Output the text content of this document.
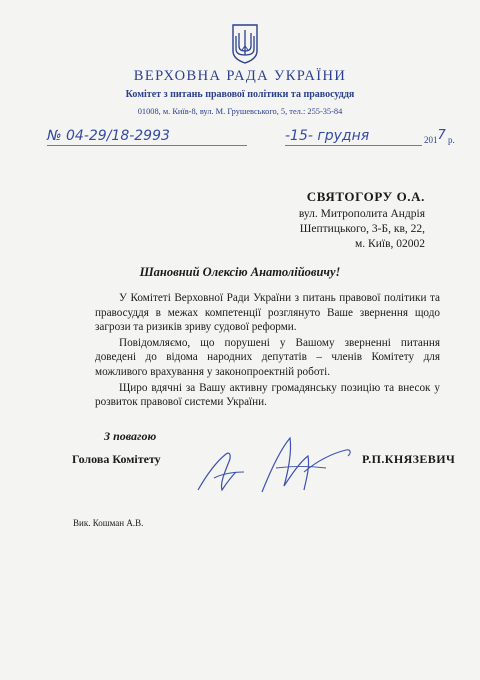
ВЕРХОВНА РАДА УКРАЇНИ
Комітет з питань правової політики та правосуддя
01008, м. Київ-8, вул. М. Грушевського, 5, тел.: 255-35-84
№ 04-29/18-2993	-15- грудня	2017 р.
СВЯТОГОРУ О.А.
вул. Митрополита Андрія
Шептицького, 3-Б, кв, 22,
м. Київ, 02002
Шановний Олексію Анатолійовичу!

У Комітеті Верховної Ради України з питань правової політики та правосуддя в межах компетенції розглянуто Ваше звернення щодо загрози та ризиків зриву судової реформи.

Повідомляємо, що порушені у Вашому зверненні питання доведені до відома народних депутатів – членів Комітету для можливого врахування у законопроектній роботі.

Щиро вдячні за Вашу активну громадянську позицію та внесок у розвиток правової системи України.

З повагою
Голова Комітету	Р.П.КНЯЗЕВИЧ
Вик. Кошман А.В.
